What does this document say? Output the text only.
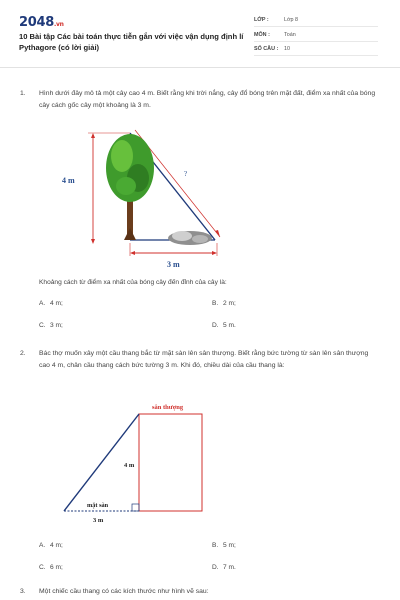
2048.vn
10 Bài tập Các bài toán thực tiễn gắn với việc vận dụng định lí Pythagore (có lời giải)
LỚP :	Lớp 8
MÔN :	Toán
SỐ CÂU : 10
1. Hình dưới đây mô tả một cây cao 4 m. Biết rằng khi trời nắng, cây đổ bóng trên mặt đất, điểm xa nhất của bóng cây cách gốc cây một khoảng là 3 m.
4 m
?
3 m
Khoảng cách từ điểm xa nhất của bóng cây đến đỉnh của cây là:
A. 4 m;	B. 2 m;
C. 3 m;	D. 5 m.
2. Bác thợ muốn xây một cầu thang bắc từ mặt sàn lên sân thượng. Biết rằng bức tường từ sàn lên sân thượng cao 4 m, chân cầu thang cách bức tường 3 m. Khi đó, chiều dài của cầu thang là:
sân thượng
4 m
mặt sàn
3 m
A. 4 m;	B. 5 m;
C. 6 m;	D. 7 m.
3. Một chiếc cầu thang có các kích thước như hình vẽ sau:
